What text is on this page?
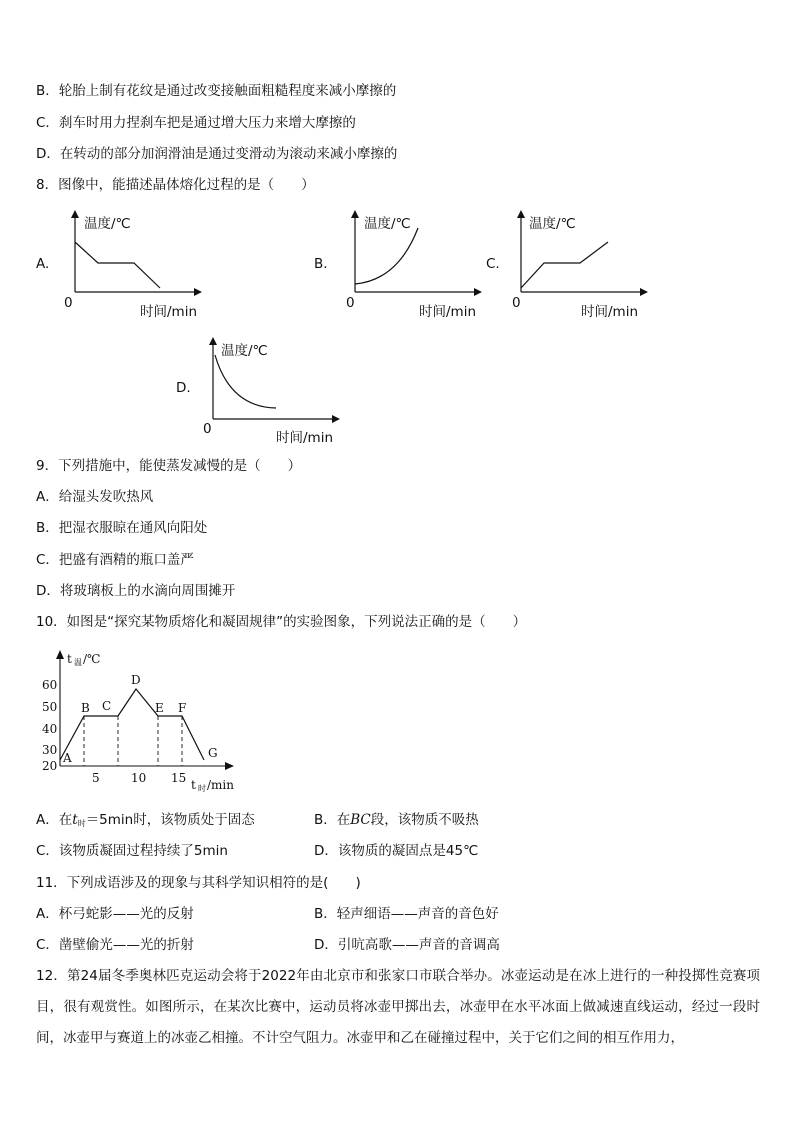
B．轮胎上制有花纹是通过改变接触面粗糙程度来减小摩擦的
C．刹车时用力捏刹车把是通过增大压力来增大摩擦的
D．在转动的部分加润滑油是通过变滑动为滚动来减小摩擦的
8．图像中，能描述晶体熔化过程的是（　　）
A.
温度/℃
时间/min
0
B.
温度/℃
时间/min
0
C.
温度/℃
时间/min
0
D.
温度/℃
时间/min
0
9．下列措施中，能使蒸发减慢的是（　　）
A．给湿头发吹热风
B．把湿衣服晾在通风向阳处
C．把盛有酒精的瓶口盖严
D．将玻璃板上的水滴向周围摊开
10．如图是“探究某物质熔化和凝固规律”的实验图象，下列说法正确的是（　　）
t 温 /℃
t 时 /min
60
50
40
30
20
5	10 15
A
B C
D
E F
G
A．在$t_时=5\min$时，该物质处于固态	B．在BC段，该物质不吸热
C．该物质凝固过程持续了5min	D．该物质的凝固点是45℃
11．下列成语涉及的现象与其科学知识相符的是(　　)
A．杯弓蛇影——光的反射	B．轻声细语——声音的音色好
C．凿壁偷光——光的折射	D．引吭高歌——声音的音调高
12．第24届冬季奥林匹克运动会将于2022年由北京市和张家口市联合举办。冰壶运动是在冰上进行的一种投掷性竞赛项目，很有观赏性。如图所示，在某次比赛中，运动员将冰壶甲掷出去，冰壶甲在水平冰面上做减速直线运动，经过一段时间，冰壶甲与赛道上的冰壶乙相撞。不计空气阻力。冰壶甲和乙在碰撞过程中，关于它们之间的相互作用力，
